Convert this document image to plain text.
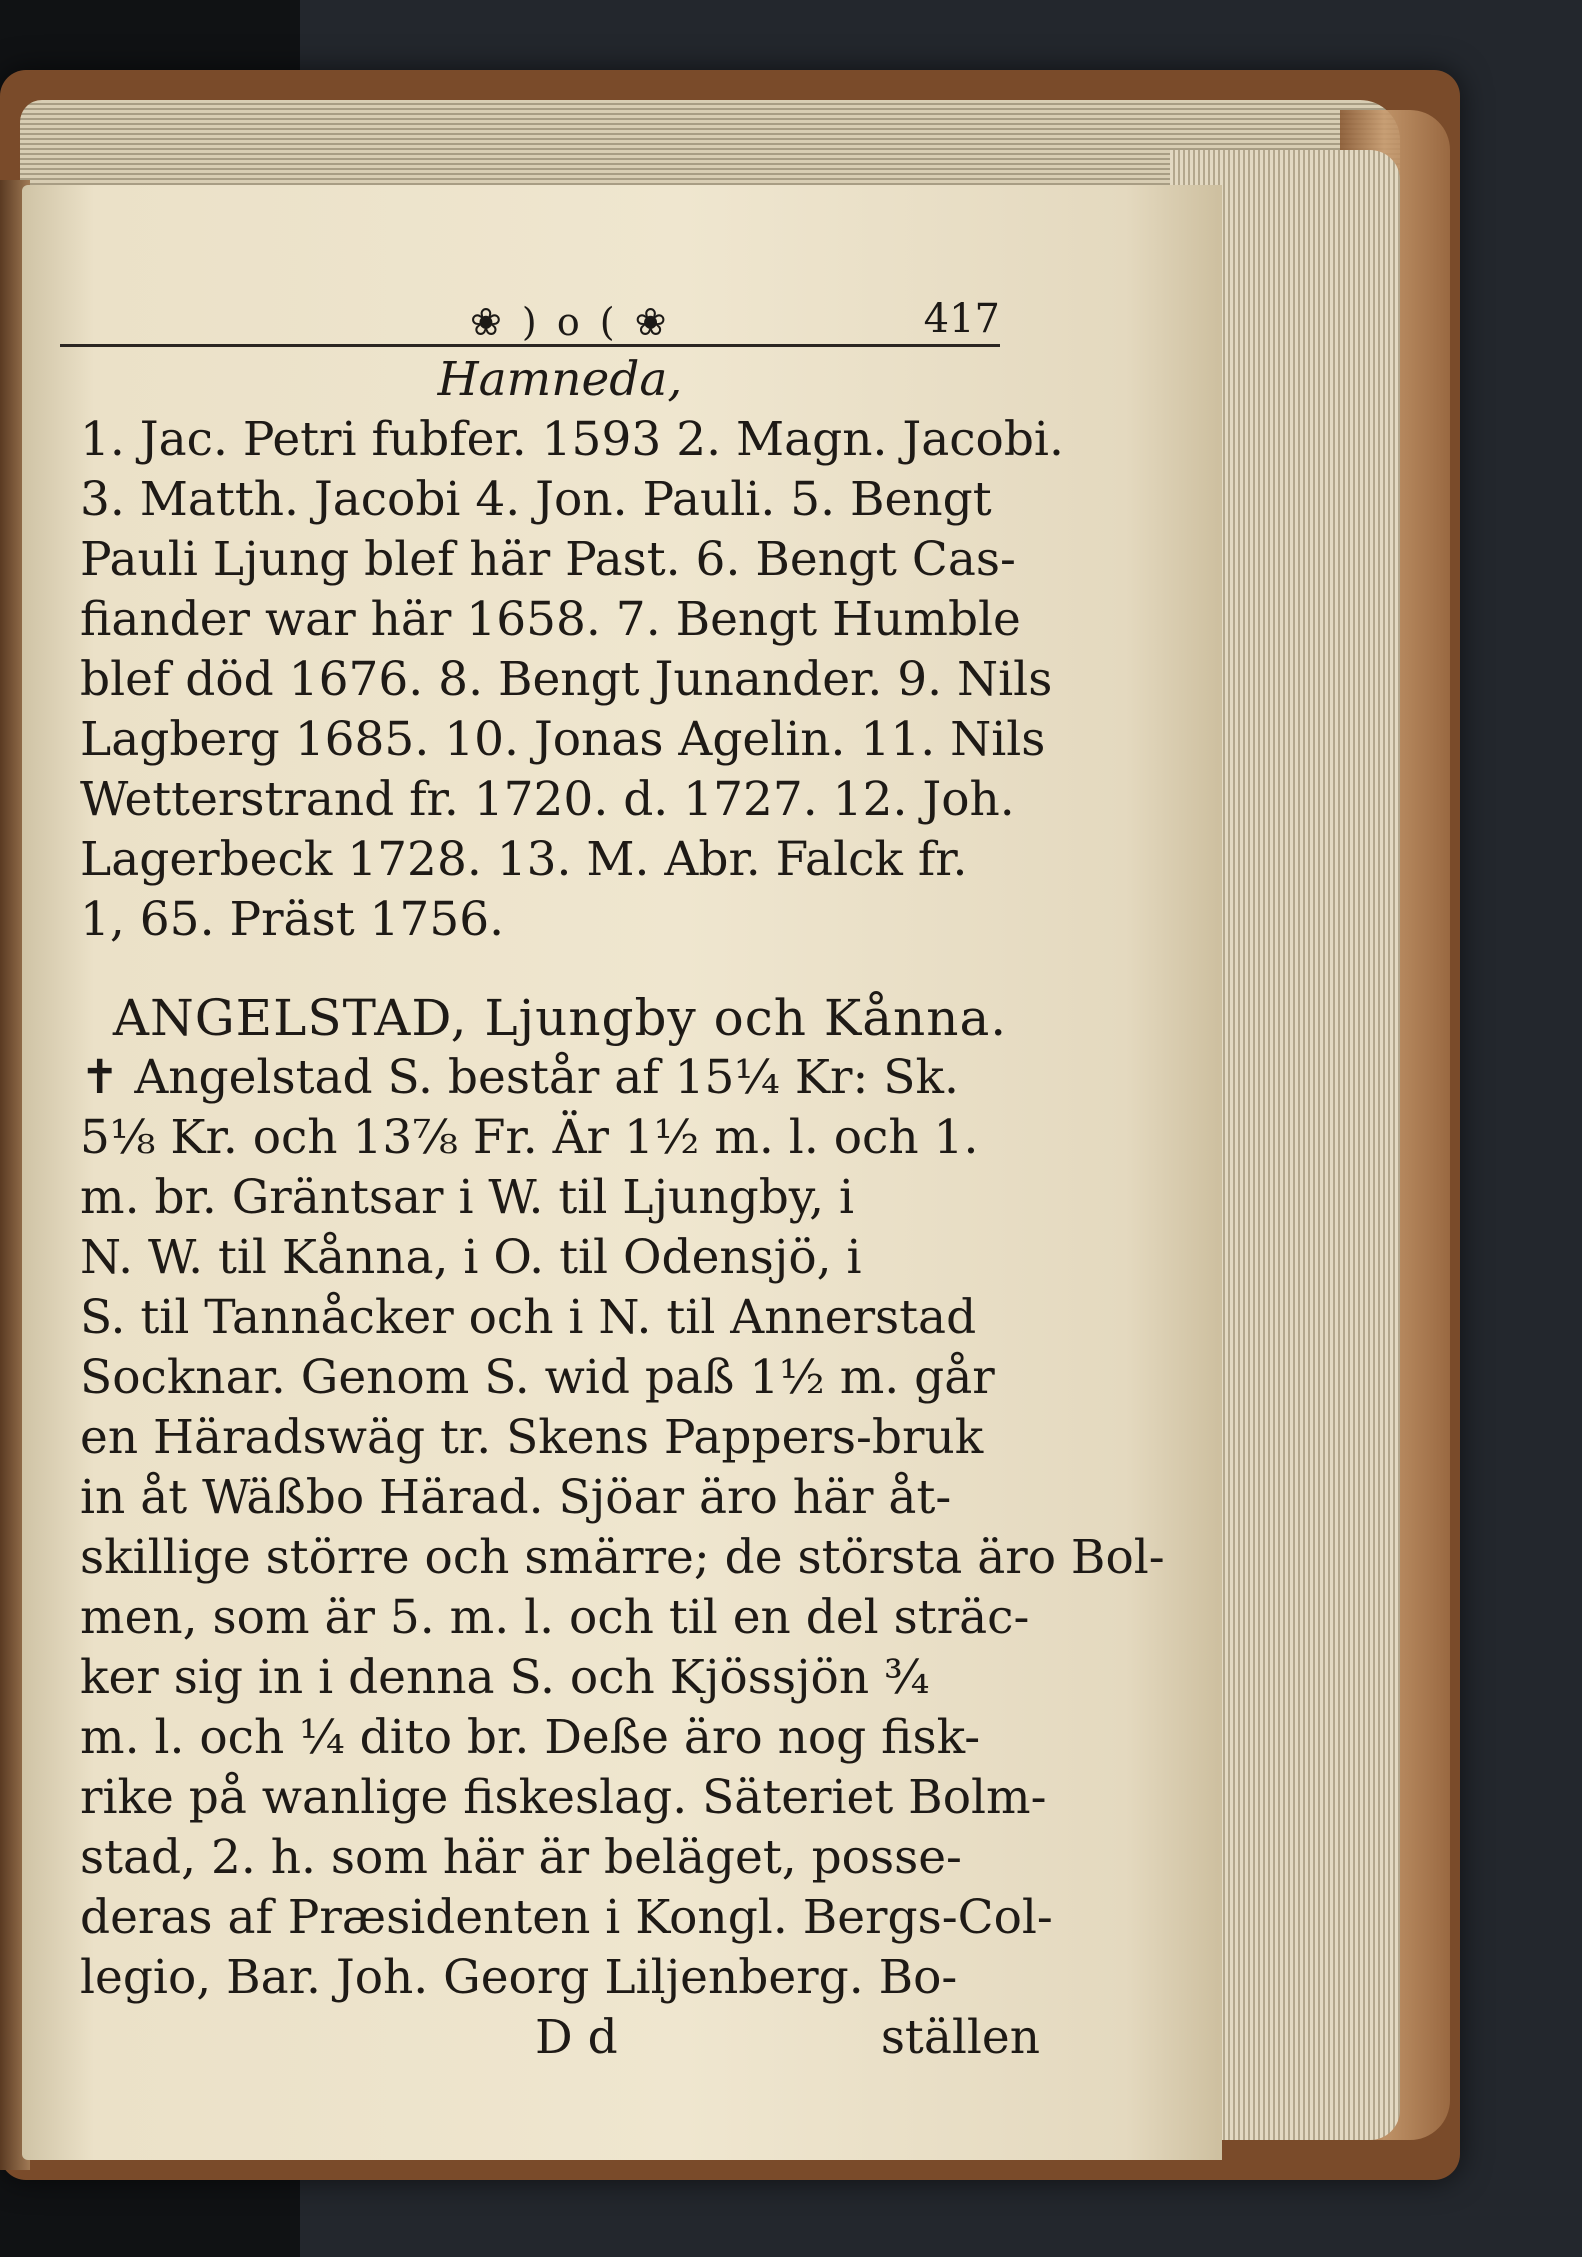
❀ ) o ( ❀	417
Hamneda,
1. Jac. Petri fubfer. 1593 2. Magn. Jacobi.
3. Matth. Jacobi 4. Jon. Pauli. 5. Bengt
Pauli Ljung blef här Past. 6. Bengt Cas-
fiander war här 1658. 7. Bengt Humble
blef död 1676. 8. Bengt Junander. 9. Nils
Lagberg 1685. 10. Jonas Agelin. 11. Nils
Wetterstrand fr. 1720. d. 1727. 12. Joh.
Lagerbeck 1728. 13. M. Abr. Falck fr.
1, 65. Präst 1756.
ANGELSTAD, Ljungby och Kånna.
✝ Angelstad S. består af 15¼ Kr: Sk.
5⅛ Kr. och 13⅞ Fr. Är 1½ m. l. och 1.
m. br. Gräntsar i W. til Ljungby, i
N. W. til Kånna, i O. til Odensjö, i
S. til Tannåcker och i N. til Annerstad
Socknar. Genom S. wid paß 1½ m. går
en Häradswäg tr. Skens Pappers-bruk
in åt Wäßbo Härad. Sjöar äro här åt-
skillige större och smärre; de största äro Bol-
men, som är 5. m. l. och til en del sträc-
ker sig in i denna S. och Kjössjön ¾
m. l. och ¼ dito br. Deße äro nog fisk-
rike på wanlige fiskeslag. Säteriet Bolm-
stad, 2. h. som här är beläget, posse-
deras af Præsidenten i Kongl. Bergs-Col-
legio, Bar. Joh. Georg Liljenberg. Bo-
D d	ställen
